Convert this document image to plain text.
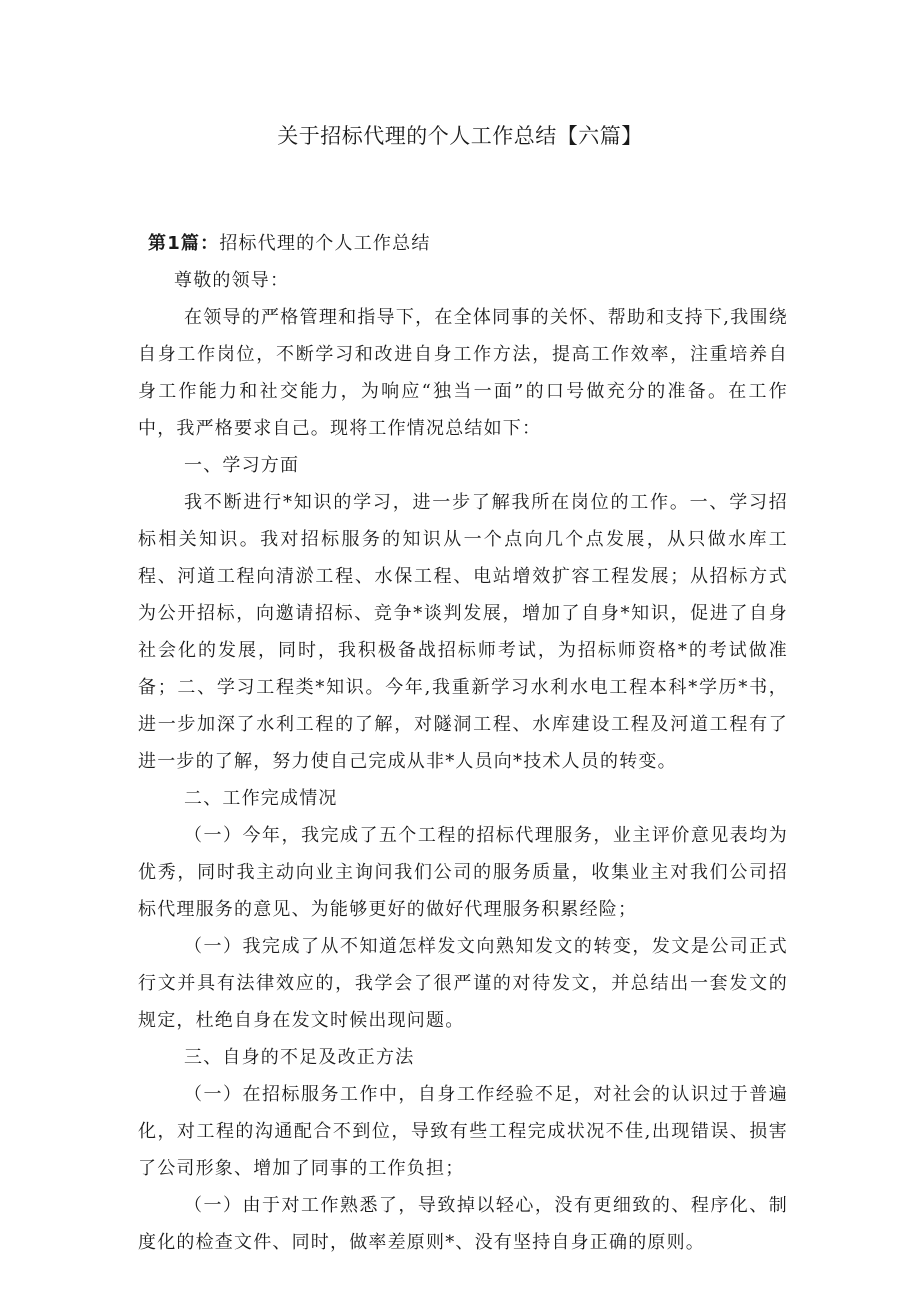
关于招标代理的个人工作总结【六篇】

第1篇：招标代理的个人工作总结

尊敬的领导：

在领导的严格管理和指导下，在全体同事的关怀、帮助和支持下,我围绕自身工作岗位，不断学习和改进自身工作方法，提高工作效率，注重培养自身工作能力和社交能力，为响应“独当一面”的口号做充分的准备。在工作中，我严格要求自己。现将工作情况总结如下：

一、学习方面

我不断进行*知识的学习，进一步了解我所在岗位的工作。一、学习招标相关知识。我对招标服务的知识从一个点向几个点发展，从只做水库工程、河道工程向清淤工程、水保工程、电站增效扩容工程发展；从招标方式为公开招标，向邀请招标、竞争*谈判发展，增加了自身*知识，促进了自身社会化的发展，同时，我积极备战招标师考试，为招标师资格*的考试做准备；二、学习工程类*知识。今年,我重新学习水利水电工程本科*学历*书，进一步加深了水利工程的了解，对隧洞工程、水库建设工程及河道工程有了进一步的了解，努力使自己完成从非*人员向*技术人员的转变。

二、工作完成情况

（一）今年，我完成了五个工程的招标代理服务，业主评价意见表均为优秀，同时我主动向业主询问我们公司的服务质量，收集业主对我们公司招标代理服务的意见、为能够更好的做好代理服务积累经险；

（一）我完成了从不知道怎样发文向熟知发文的转变，发文是公司正式行文并具有法律效应的，我学会了很严谨的对待发文，并总结出一套发文的规定，杜绝自身在发文时候出现问题。

三、自身的不足及改正方法

（一）在招标服务工作中，自身工作经验不足，对社会的认识过于普遍化，对工程的沟通配合不到位，导致有些工程完成状况不佳,出现错误、损害了公司形象、增加了同事的工作负担；

（一）由于对工作熟悉了，导致掉以轻心，没有更细致的、程序化、制度化的检查文件、同时，做率差原则*、没有坚持自身正确的原则。
